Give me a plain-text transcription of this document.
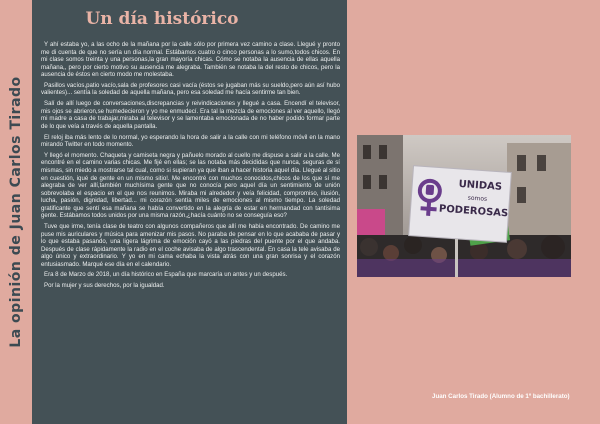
La opinión de Juan Carlos Tirado
Un día histórico

Y ahí estaba yo, a las ocho de la mañana por la calle sólo por primera vez camino a clase. Llegué y pronto me di cuenta de que no sería un día normal. Estábamos cuatro o cinco personas a lo sumo,todos chicos. En mi clase somos treinta y una personas,la gran mayoría chicas. Cómo se notaba la ausencia de ellas aquella mañana,, pero por cierto motivo su ausencia me alegraba. También se notaba la del resto de chicos, pero la ausencia de éstos en cierto modo me molestaba.

Pasillos vacíos,patio vacío,sala de profesores casi vacía (éstos se jugaban más su sueldo,pero aún así hubo valientes)... sentía la soledad de aquella mañana, pero esa soledad me hacía sentirme tan bien.

Salí de allí luego de conversaciones,discrepancias y reivindicaciones y llegué a casa. Encendí el televisor, mis ojos se abrieron,se humedecieron y yo me enmudecí. Era tal la mezcla de emociones al ver aquello, llegó mi madre a casa de trabajar,miraba al televisor y se lamentaba emocionada de no haber podido formar parte de lo que veía a través de aquella pantalla.

El reloj iba más lento de lo normal, yo esperando la hora de salir a la calle con mi teléfono móvil en la mano mirando Twitter en todo momento.

Y llegó el momento. Chaqueta y camiseta negra y pañuelo morado al cuello me dispuse a salir a la calle. Me encontré en el camino varias chicas. Me fijé en ellas; se las notaba más decididas que nunca, seguras de sí mismas, sin miedo a mostrarse tal cual, como si supieran ya que iban a hacer historia aquel día. Llegué al sitio en cuestión, iqué de gente en un mismo sitio!. Me encontré con muchos conocidos,chicos de los que sí me alegraba de ver allí,también muchísima gente que no conocía pero aquel día un sentimiento de unión sobrevolaba el espacio en el que nos reunimos. Miraba mi alrededor y veía felicidad, compromiso, ilusión, lucha, pasión, dignidad, libertad... mi corazón sentía miles de emociones al mismo tiempo. La soledad gratificante que sentí esa mañana se había convertido en la alegría de estar en hermandad con tantísima gente. Estábamos todos unidos por una misma razón,¿hacía cuánto no se conseguía eso?

Tuve que irme, tenía clase de teatro con algunos compañeros que allí me había encontrado. De camino me puse mis auriculares y música para amenizar mis pasos. No paraba de pensar en lo que acababa de pasar y lo que estaba pasando, una ligera lágrima de emoción cayó a las piedras del puente por el que andaba. Después de clase rápidamente la radio en el coche avisaba de algo trascendental. En casa la tele avisaba de algo único y extraordinario. Y yo en mi cama echaba la vista atrás con una gran sonrisa y el corazón entusiasmado. Marqué ese día en el calendario.

Era 8 de Marzo de 2018, un día histórico en España que marcaría un antes y un después.

Por la mujer y sus derechos, por la igualdad.

UNIDAS
somos
PODEROSAS
Juan Carlos Tirado (Alumno de 1º bachillerato)
